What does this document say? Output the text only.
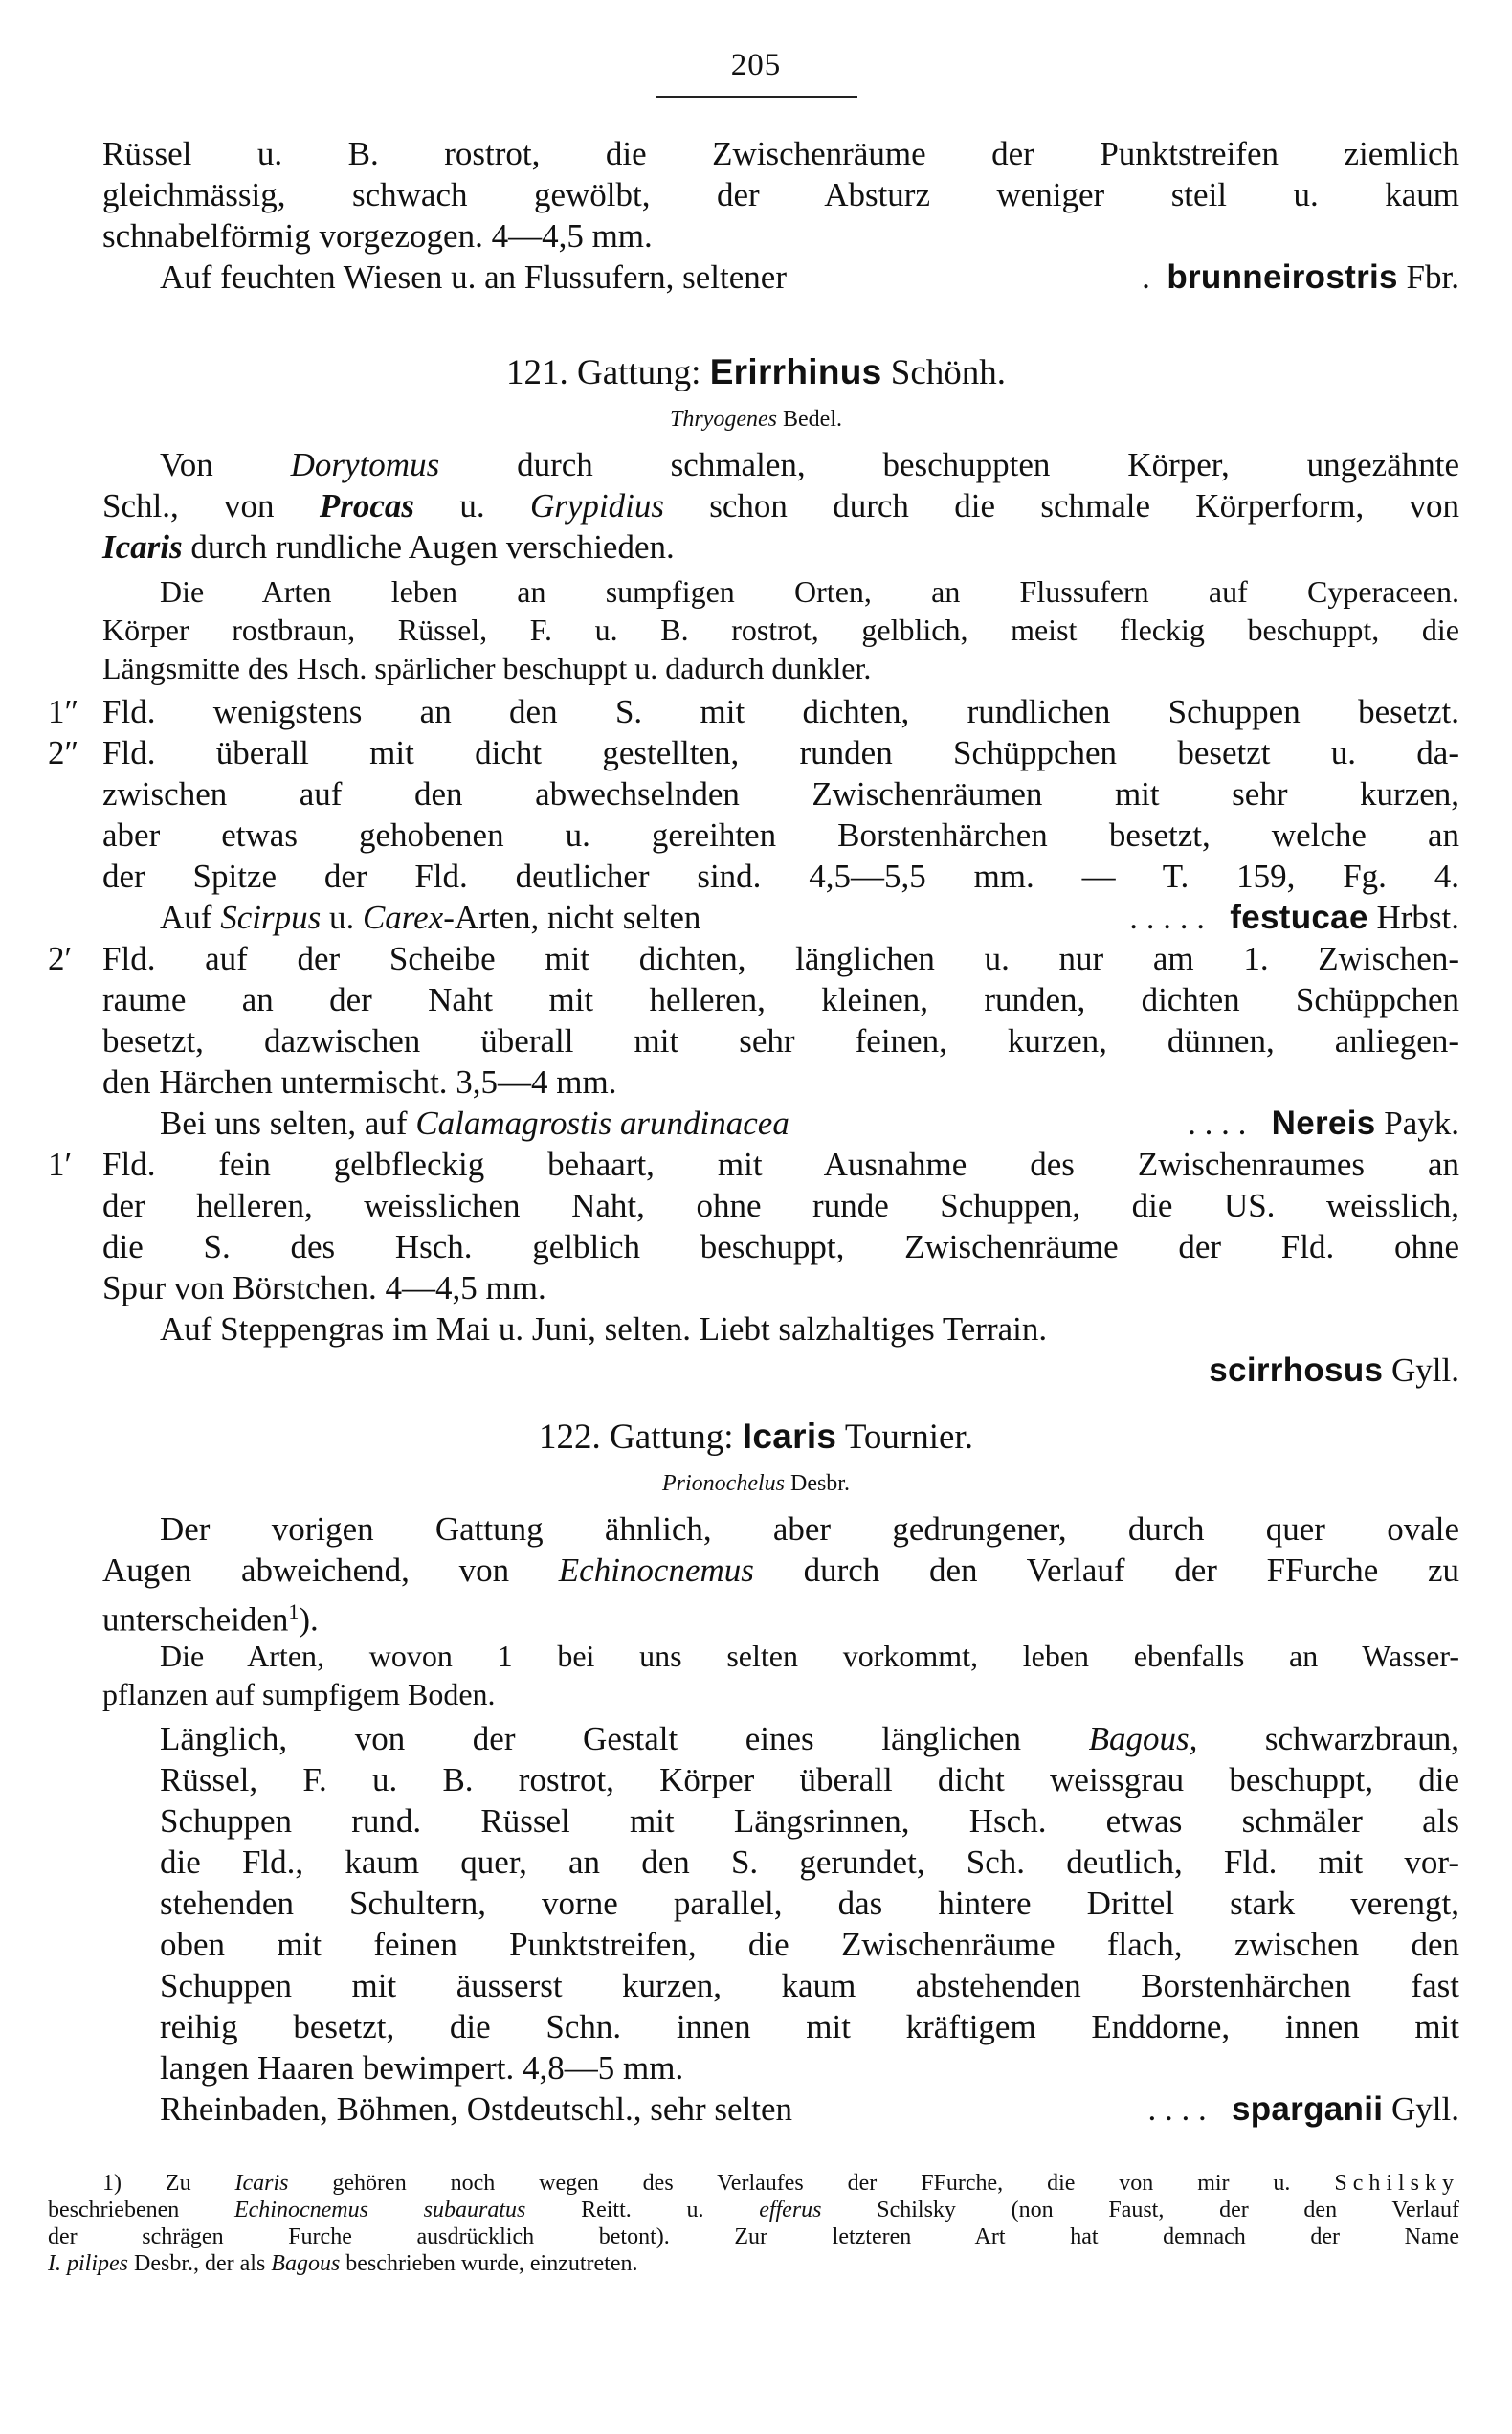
205
Rüssel u. B. rostrot, die Zwischenräume der Punktstreifen ziemlich
gleichmässig, schwach gewölbt, der Absturz weniger steil u. kaum
schnabelförmig vorgezogen. 4—4,5 mm.
Auf feuchten Wiesen u. an Flussufern, seltener	. brunneirostris Fbr.
121. Gattung: Erirrhinus Schönh.
Thryogenes Bedel.
Von Dorytomus durch schmalen, beschuppten Körper, ungezähnte
Schl., von Procas u. Grypidius schon durch die schmale Körperform, von
Icaris durch rundliche Augen verschieden.
Die Arten leben an sumpfigen Orten, an Flussufern auf Cyperaceen.
Körper rostbraun, Rüssel, F. u. B. rostrot, gelblich, meist fleckig beschuppt, die
Längsmitte des Hsch. spärlicher beschuppt u. dadurch dunkler.
1″ Fld. wenigstens an den S. mit dichten, rundlichen Schuppen besetzt.
2″ Fld. überall mit dicht gestellten, runden Schüppchen besetzt u. da-
zwischen auf den abwechselnden Zwischenräumen mit sehr kurzen,
aber etwas gehobenen u. gereihten Borstenhärchen besetzt, welche an
der Spitze der Fld. deutlicher sind. 4,5—5,5 mm. — T. 159, Fg. 4.
Auf Scirpus u. Carex-Arten, nicht selten	. . . . . festucae Hrbst.
2′ Fld. auf der Scheibe mit dichten, länglichen u. nur am 1. Zwischen-
raume an der Naht mit helleren, kleinen, runden, dichten Schüppchen
besetzt, dazwischen überall mit sehr feinen, kurzen, dünnen, anliegen-
den Härchen untermischt. 3,5—4 mm.
Bei uns selten, auf Calamagrostis arundinacea	. . . . Nereis Payk.
1′ Fld. fein gelbfleckig behaart, mit Ausnahme des Zwischenraumes an
der helleren, weisslichen Naht, ohne runde Schuppen, die US. weisslich,
die S. des Hsch. gelblich beschuppt, Zwischenräume der Fld. ohne
Spur von Börstchen. 4—4,5 mm.
Auf Steppengras im Mai u. Juni, selten. Liebt salzhaltiges Terrain.
scirrhosus Gyll.
122. Gattung: Icaris Tournier.
Prionochelus Desbr.
Der vorigen Gattung ähnlich, aber gedrungener, durch quer ovale
Augen abweichend, von Echinocnemus durch den Verlauf der FFurche zu
unterscheiden$^1$).
Die Arten, wovon 1 bei uns selten vorkommt, leben ebenfalls an Wasser-
pflanzen auf sumpfigem Boden.
Länglich, von der Gestalt eines länglichen Bagous, schwarzbraun,
Rüssel, F. u. B. rostrot, Körper überall dicht weissgrau beschuppt, die
Schuppen rund. Rüssel mit Längsrinnen, Hsch. etwas schmäler als
die Fld., kaum quer, an den S. gerundet, Sch. deutlich, Fld. mit vor-
stehenden Schultern, vorne parallel, das hintere Drittel stark verengt,
oben mit feinen Punktstreifen, die Zwischenräume flach, zwischen den
Schuppen mit äusserst kurzen, kaum abstehenden Borstenhärchen fast
reihig besetzt, die Schn. innen mit kräftigem Enddorne, innen mit
langen Haaren bewimpert. 4,8—5 mm.
Rheinbaden, Böhmen, Ostdeutschl., sehr selten	. . . . sparganii Gyll.
1) Zu Icaris gehören noch wegen des Verlaufes der FFurche, die von mir u. Schilsky
beschriebenen Echinocnemus subauratus Reitt. u. efferus Schilsky (non Faust, der den Verlauf
der schrägen Furche ausdrücklich betont). Zur letzteren Art hat demnach der Name
I. pilipes Desbr., der als Bagous beschrieben wurde, einzutreten.
